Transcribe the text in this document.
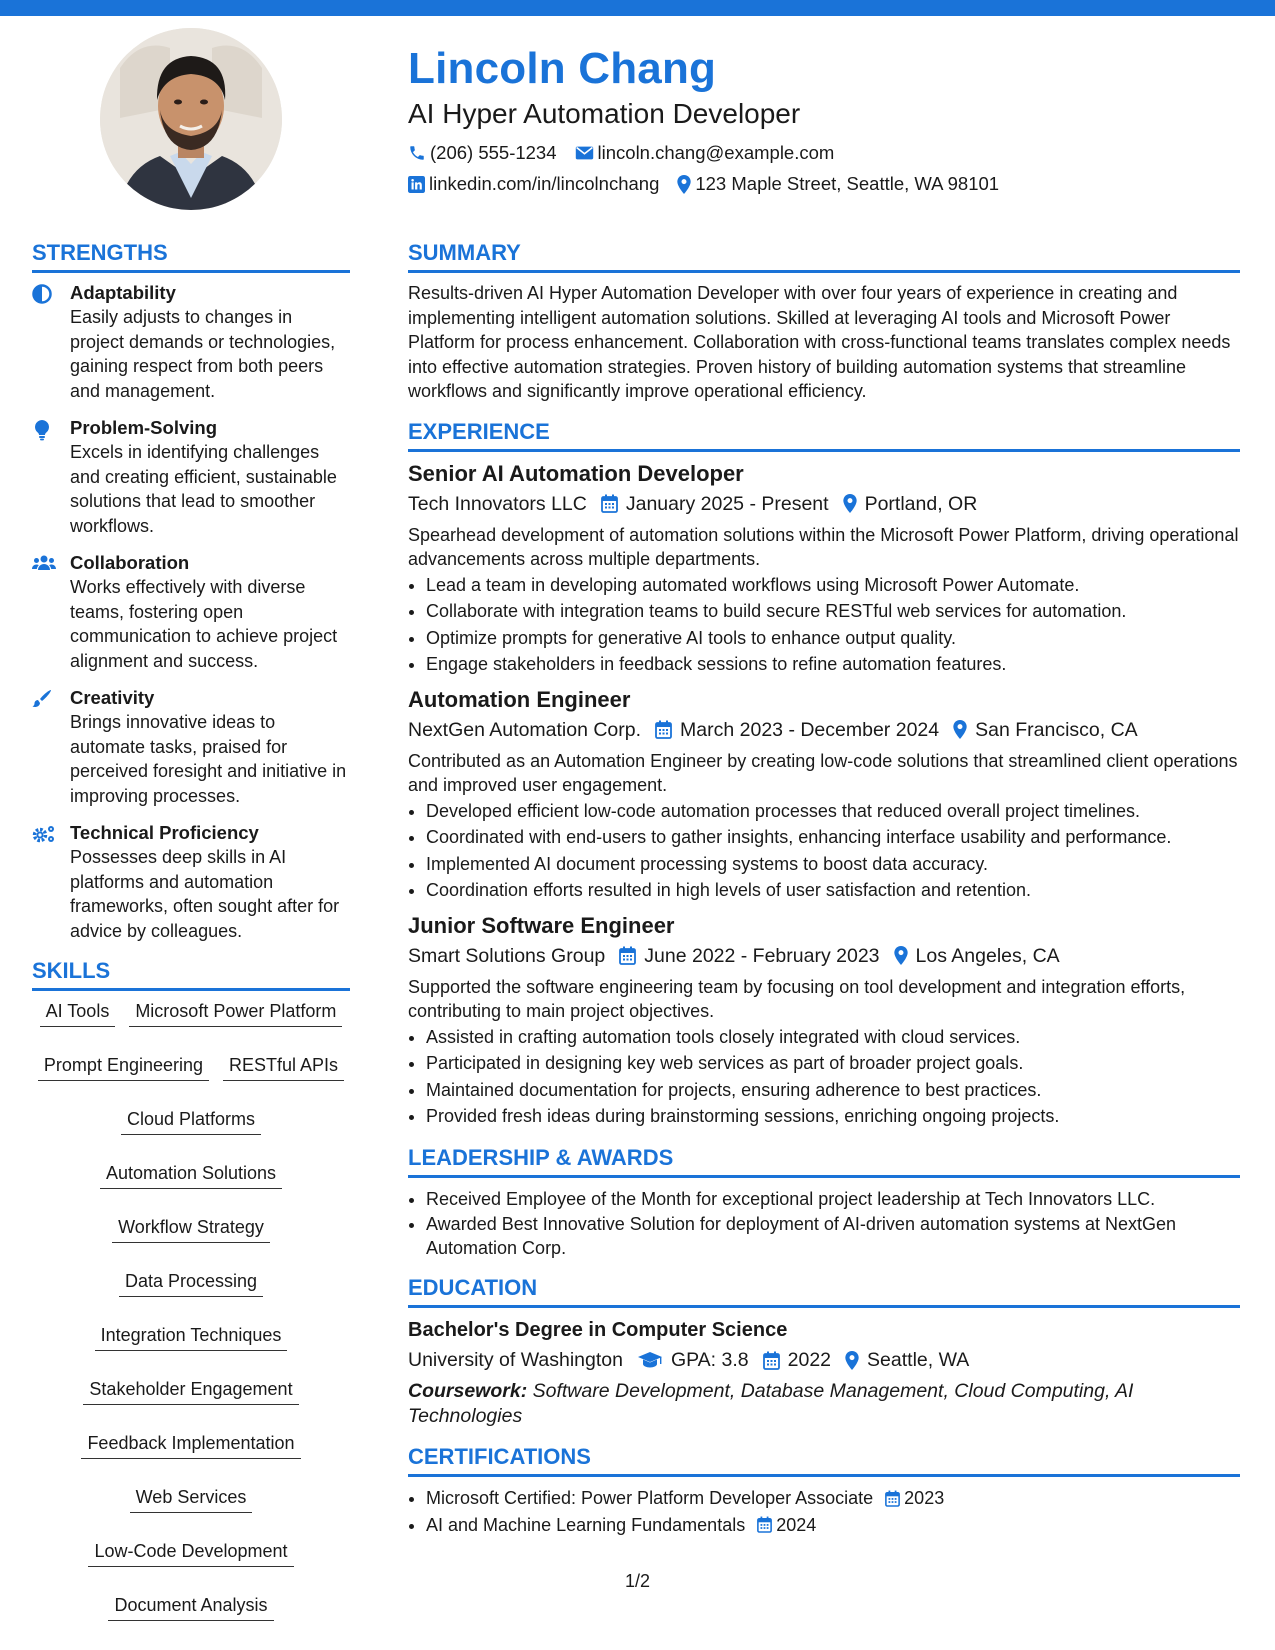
Lincoln Chang
AI Hyper Automation Developer
(206) 555-1234 lincoln.chang@example.com
linkedin.com/in/lincolnchang 123 Maple Street, Seattle, WA 98101
STRENGTHS
Adaptability
Easily adjusts to changes in project demands or technologies, gaining respect from both peers and management.
Problem-Solving
Excels in identifying challenges and creating efficient, sustainable solutions that lead to smoother workflows.
Collaboration
Works effectively with diverse teams, fostering open communication to achieve project alignment and success.
Creativity
Brings innovative ideas to automate tasks, praised for perceived foresight and initiative in improving processes.
Technical Proficiency
Possesses deep skills in AI platforms and automation frameworks, often sought after for advice by colleagues.
SKILLS
AI Tools	Microsoft Power Platform
Prompt Engineering	RESTful APIs
Cloud Platforms
Automation Solutions
Workflow Strategy
Data Processing
Integration Techniques
Stakeholder Engagement
Feedback Implementation
Web Services
Low-Code Development
Document Analysis
SUMMARY
Results-driven AI Hyper Automation Developer with over four years of experience in creating and implementing intelligent automation solutions. Skilled at leveraging AI tools and Microsoft Power Platform for process enhancement. Collaboration with cross-functional teams translates complex needs into effective automation strategies. Proven history of building automation systems that streamline workflows and significantly improve operational efficiency.
EXPERIENCE
Senior AI Automation Developer
Tech Innovators LLC January 2025 - Present Portland, OR
Spearhead development of automation solutions within the Microsoft Power Platform, driving operational advancements across multiple departments.
• Lead a team in developing automated workflows using Microsoft Power Automate.
• Collaborate with integration teams to build secure RESTful web services for automation.
• Optimize prompts for generative AI tools to enhance output quality.
• Engage stakeholders in feedback sessions to refine automation features.
Automation Engineer
NextGen Automation Corp. March 2023 - December 2024 San Francisco, CA
Contributed as an Automation Engineer by creating low-code solutions that streamlined client operations and improved user engagement.
• Developed efficient low-code automation processes that reduced overall project timelines.
• Coordinated with end-users to gather insights, enhancing interface usability and performance.
• Implemented AI document processing systems to boost data accuracy.
• Coordination efforts resulted in high levels of user satisfaction and retention.
Junior Software Engineer
Smart Solutions Group June 2022 - February 2023 Los Angeles, CA
Supported the software engineering team by focusing on tool development and integration efforts, contributing to main project objectives.
• Assisted in crafting automation tools closely integrated with cloud services.
• Participated in designing key web services as part of broader project goals.
• Maintained documentation for projects, ensuring adherence to best practices.
• Provided fresh ideas during brainstorming sessions, enriching ongoing projects.
LEADERSHIP & AWARDS
• Received Employee of the Month for exceptional project leadership at Tech Innovators LLC.
• Awarded Best Innovative Solution for deployment of AI-driven automation systems at NextGen Automation Corp.
EDUCATION
Bachelor's Degree in Computer Science
University of Washington GPA: 3.8 2022 Seattle, WA
Coursework: Software Development, Database Management, Cloud Computing, AI Technologies
CERTIFICATIONS
• Microsoft Certified: Power Platform Developer Associate 2023
• AI and Machine Learning Fundamentals 2024
1/2
